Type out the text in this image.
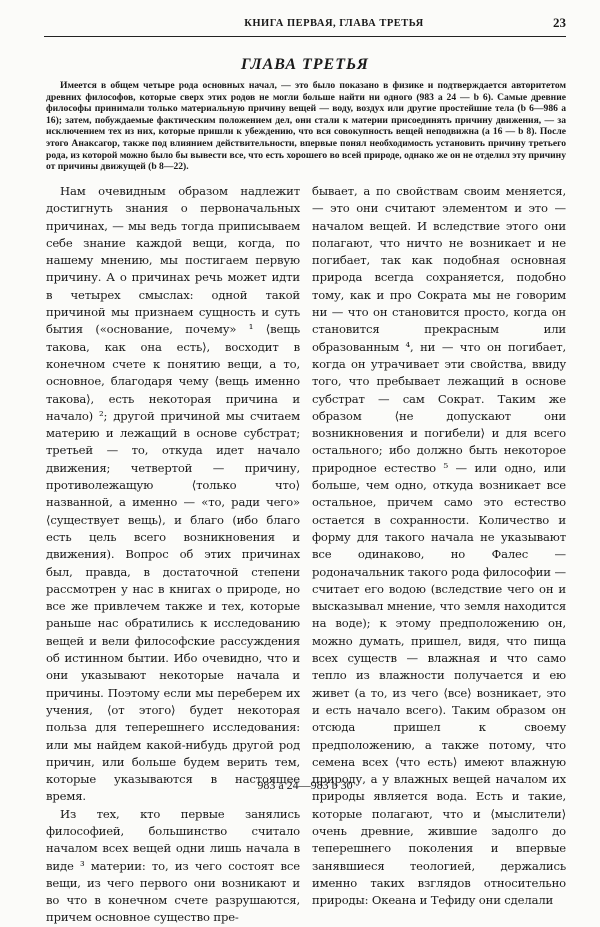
КНИГА ПЕРВАЯ, ГЛАВА ТРЕТЬЯ	23
ГЛАВА ТРЕТЬЯ

Имеется в общем четыре рода основных начал, — это было показано в физике и подтверждается авторитетом древних философов, которые сверх этих родов не могли больше найти ни одного (983 a 24 — b 6). Самые древние философы принимали только материальную причину вещей — воду, воздух или другие простейшие тела (b 6—986 a 16); затем, побуждаемые фактическим положением дел, они стали к материи присоединять причину движения, — за исключением тех из них, которые пришли к убеждению, что вся совокупность вещей неподвижна (a 16 — b 8). После этого Анаксагор, также под влиянием действительности, впервые понял необходимость установить причину третьего рода, из которой можно было бы вывести все, что есть хорошего во всей природе, однако же он не отделил эту причину от причины движущей (b 8—22).

Нам очевидным образом надлежит достигнуть знания о первоначальных причинах, — мы ведь тогда приписываем себе знание каждой вещи, когда, по нашему мнению, мы постигаем первую причину. А о причинах речь может идти в четырех смыслах: одной такой причиной мы признаем сущность и суть бытия («основание, почему» ¹ ⟨вещь такова, как она есть⟩, восходит в конечном счете к понятию вещи, а то, основное, благодаря чему ⟨вещь именно такова⟩, есть некоторая причина и начало) ²; другой причиной мы считаем материю и лежащий в основе субстрат; третьей — то, откуда идет начало движения; четвертой — причину, противолежащую ⟨только что⟩ названной, а именно — «то, ради чего» ⟨существует вещь⟩, и благо (ибо благо есть цель всего возникновения и движения). Вопрос об этих причинах был, правда, в достаточной степени рассмотрен у нас в книгах о природе, но все же привлечем также и тех, которые раньше нас обратились к исследованию вещей и вели философские рассуждения об истинном бытии. Ибо очевидно, что и они указывают некоторые начала и причины. Поэтому если мы переберем их учения, ⟨от этого⟩ будет некоторая польза для теперешнего исследования: или мы найдем какой-нибудь другой род причин, или больше будем верить тем, которые указываются в настоящее время.

Из тех, кто первые занялись философией, большинство считало началом всех вещей одни лишь начала в виде ³ материи: то, из чего состоят все вещи, из чего первого они возникают и во что в конечном счете разрушаются, причем основное существо пре-

бывает, а по свойствам своим меняется, — это они считают элементом и это — началом вещей. И вследствие этого они полагают, что ничто не возникает и не погибает, так как подобная основная природа всегда сохраняется, подобно тому, как и про Сократа мы не говорим ни — что он становится просто, когда он становится прекрасным или образованным ⁴, ни — что он погибает, когда он утрачивает эти свойства, ввиду того, что пребывает лежащий в основе субстрат — сам Сократ. Таким же образом ⟨не допускают они возникновения и погибели⟩ и для всего остального; ибо должно быть некоторое природное естество ⁵ — или одно, или больше, чем одно, откуда возникает все остальное, причем само это естество остается в сохранности. Количество и форму для такого начала не указывают все одинаково, но Фалес — родоначальник такого рода философии — считает его водою (вследствие чего он и высказывал мнение, что земля находится на воде); к этому предположению он, можно думать, пришел, видя, что пища всех существ — влажная и что само тепло из влажности получается и ею живет (а то, из чего ⟨все⟩ возникает, это и есть начало всего). Таким образом он отсюда пришел к своему предположению, а также потому, что семена всех ⟨что есть⟩ имеют влажную природу, а у влажных вещей началом их природы является вода. Есть и такие, которые полагают, что и ⟨мыслители⟩ очень древние, жившие задолго до теперешнего поколения и впервые занявшиеся теологией, держались именно таких взглядов относительно природы: Океана и Тефиду они сделали

983 a 24—983 b 30
